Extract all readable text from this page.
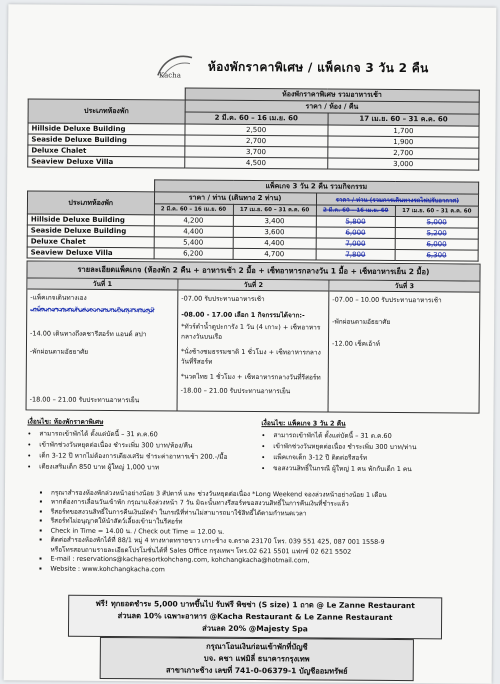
Kacha
ห้องพักราคาพิเศษ / แพ็คเกจ 3 วัน 2 คืน
	ห้องพักราคาพิเศษ รวมอาหารเช้า	
ประเภทห้องพัก	ราคา / ห้อง / คืน	
	2 มี.ค. 60 – 16 เม.ย. 60	17 เม.ย. 60 – 31 ค.ค. 60
Hillside Deluxe Building	2,500	1,700
Seaside Deluxe Building	2,700	1,900
Deluxe Chalet	3,700	2,700
Seaview Deluxe Villa	4,500	3,000
	แพ็คเกจ 3 วัน 2 คืน รวมกิจกรรม			
ประเภทห้องพัก	ราคา / ท่าน (เดินทาง 2 ท่าน)		ราคา / ท่าน (รวมการเดินทางรถไฟปรับอากาศ)	
	2 มี.ค. 60 – 16 เม.ย. 60	17 เม.ย. 60 – 31 ค.ค. 60	2 มี.ค. 60 – 16 เม.ย. 60	17 เม.ย. 60 – 31 ค.ค. 60
Hillside Deluxe Building	4,200	3,400	5,800	5,000
Seaside Deluxe Building	4,400	3,600	6,000	5,200
Deluxe Chalet	5,400	4,400	7,000	6,000
Seaview Deluxe Villa	6,200	4,700	7,800	6,300
รายละเอียดแพ็คเกจ (ห้องพัก 2 คืน + อาหารเช้า 2 มื้อ + เซ็ทอาหารกลางวัน 1 มื้อ + เซ็ทอาหารเย็น 2 มื้อ)
วันที่ 1
-แพ็คเกจเดินทางเอง
-แพ็คเกจรวมรถรับส่งจากสนามบินสุวรรณภูมิ
-14.00 เดินทางถึงคชารีสอร์ท แอนด์ สปา
-พักผ่อนตามอัธยาศัย
-18.00 – 21.00 รับประทานอาหารเย็น
วันที่ 2
-07.00 รับประทานอาหารเช้า
-08.00 - 17.00 เลือก 1 กิจกรรมได้จาก:-
*ทัวร์ดำน้ำดูปะการัง 1 วัน (4 เกาะ) + เซ็ทอาหารกลางวันบนเรือ
*นั่งช้างชมธรรมชาติ 1 ชั่วโมง + เซ็ทอาหารกลางวันที่รีสอร์ท
*นวดไทย 1 ชั่วโมง + เซ็ทอาหารกลางวันที่รีสอร์ท
-18.00 – 21.00 รับประทานอาหารเย็น
วันที่ 3
-07.00 – 10.00 รับประทานอาหารเช้า
-พักผ่อนตามอัธยาศัย
-12.00 เช็คเอ้าท์
เงื่อนไข: ห้องพักราคาพิเศษ
• สามารถเข้าพักได้ ตั้งแต่บัดนี้ – 31 ต.ค.60
• เข้าพักช่วงวันหยุดต่อเนื่อง ชำระเพิ่ม 300 บาท/ห้อง/คืน
• เด็ก 3-12 ปี หากไม่ต้องการเตียงเสริม ชำระค่าอาหารเช้า 200.-/มื้อ
• เตียงเสริมเด็ก 850 บาท ผู้ใหญ่ 1,000 บาท
เงื่อนไข: แพ็คเกจ 3 วัน 2 คืน
• สามารถเข้าพักได้ ตั้งแต่บัดนี้ – 31 ต.ค.60
• เข้าพักช่วงวันหยุดต่อเนื่อง ชำระเพิ่ม 300 บาท/ท่าน
• แพ็คเกจเด็ก 3-12 ปี ติดต่อรีสอร์ท
• ขอสงวนสิทธิ์ในกรณี ผู้ใหญ่ 1 คน พักกับเด็ก 1 คน
▪ กรุณาสำรองห้องพักล่วงหน้าอย่างน้อย 3 สัปดาห์ และ ช่วงวันหยุดต่อเนื่อง *Long Weekend จองล่วงหน้าอย่างน้อย 1 เดือน
▪ หากต้องการเลื่อนวันเข้าพัก กรุณาแจ้งล่วงหน้า 7 วัน มิฉะนั้นทางรีสอร์ทขอสงวนสิทธิ์ในการคืนเงินที่ชำระแล้ว
▪ รีสอร์ทขอสงวนสิทธิ์ในการคืนเงินมัดจำ ในกรณีที่ท่านไม่สามารถมาใช้สิทธิ์ได้ตามกำหนดเวลา
▪ รีสอร์ทไม่อนุญาตให้นำสัตว์เลี้ยงเข้ามาในรีสอร์ท
▪ Check in Time = 14.00 น. / Check out Time = 12.00 น.
▪ ติดต่อสำรองห้องพักได้ที่ 88/1 หมู่ 4 ทางหาดทรายขาว เกาะช้าง จ.ตราด 23170 โทร. 039 551 425, 087 001 1558-9
หรือโทรสอบถามรายละเอียดโปรโมชั่นได้ที่ Sales Office กรุงเทพฯ โทร.02 621 5501 แฟกซ์ 02 621 5502
▪ E-mail : reservations@kacharesortkohchang.com, kohchangkacha@hotmail.com,
▪ Website : www.kohchangkacha.com
ฟรี! ทุกยอดชำระ 5,000 บาทขึ้นไป รับฟรี พิซซ่า (S size) 1 ถาด @ Le Zanne Restaurant
ส่วนลด 10% เฉพาะอาหาร @Kacha Restaurant & Le Zanne Restaurant
ส่วนลด 20% @Majesty Spa
กรุณาโอนเงินก่อนเข้าพักที่บัญชี
บจ. คชา แฟมิลี่ ธนาคารกรุงเทพ
สาขาเกาะช้าง เลขที่ 741-0-06379-1 บัญชีออมทรัพย์
